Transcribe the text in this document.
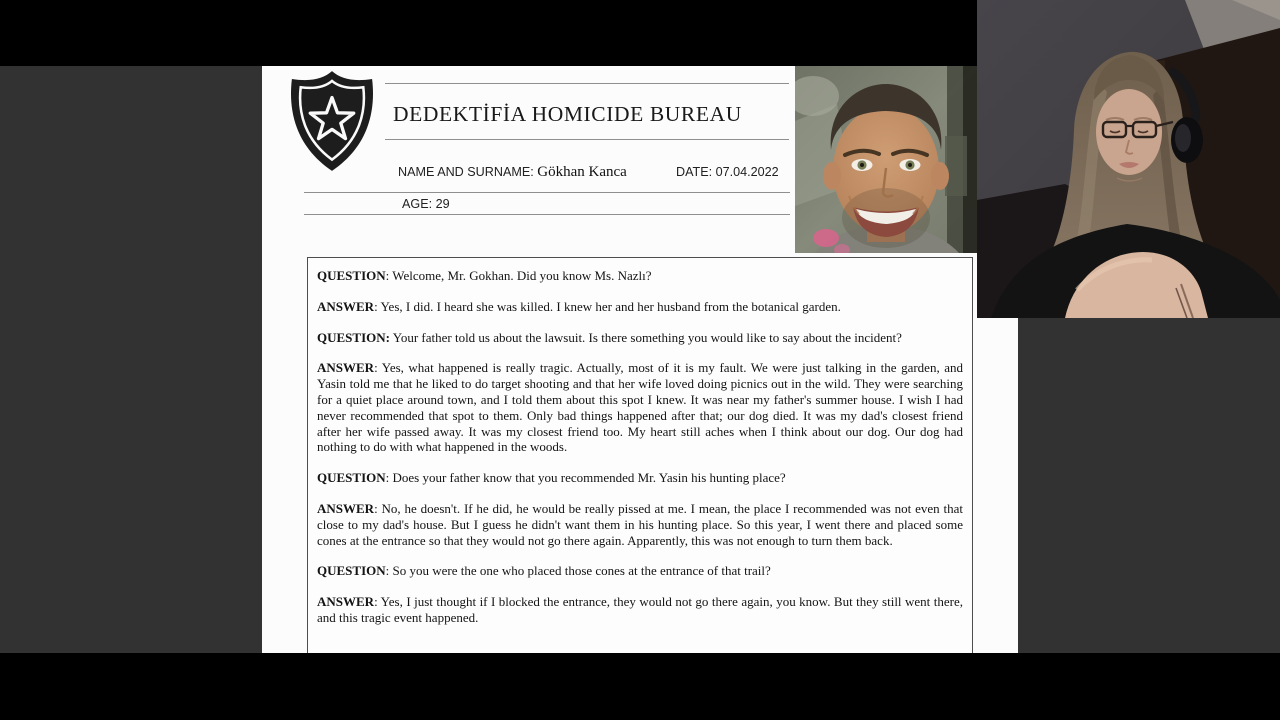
DEDEKTİFİA HOMICIDE BUREAU
NAME AND SURNAME: Gökhan Kanca	DATE: 07.04.2022
AGE: 29

QUESTION: Welcome, Mr. Gokhan. Did you know Ms. Nazlı?

ANSWER: Yes, I did. I heard she was killed. I knew her and her husband from the botanical garden.

QUESTION: Your father told us about the lawsuit. Is there something you would like to say about the incident?

ANSWER: Yes, what happened is really tragic. Actually, most of it is my fault. We were just talking in the garden, and Yasin told me that he liked to do target shooting and that her wife loved doing picnics out in the wild. They were searching for a quiet place around town, and I told them about this spot I knew. It was near my father's summer house. I wish I had never recommended that spot to them. Only bad things happened after that; our dog died. It was my dad's closest friend after her wife passed away. It was my closest friend too. My heart still aches when I think about our dog. Our dog had nothing to do with what happened in the woods.

QUESTION: Does your father know that you recommended Mr. Yasin his hunting place?

ANSWER: No, he doesn't. If he did, he would be really pissed at me. I mean, the place I recommended was not even that close to my dad's house. But I guess he didn't want them in his hunting place. So this year, I went there and placed some cones at the entrance so that they would not go there again. Apparently, this was not enough to turn them back.

QUESTION: So you were the one who placed those cones at the entrance of that trail?

ANSWER: Yes, I just thought if I blocked the entrance, they would not go there again, you know. But they still went there, and this tragic event happened.
